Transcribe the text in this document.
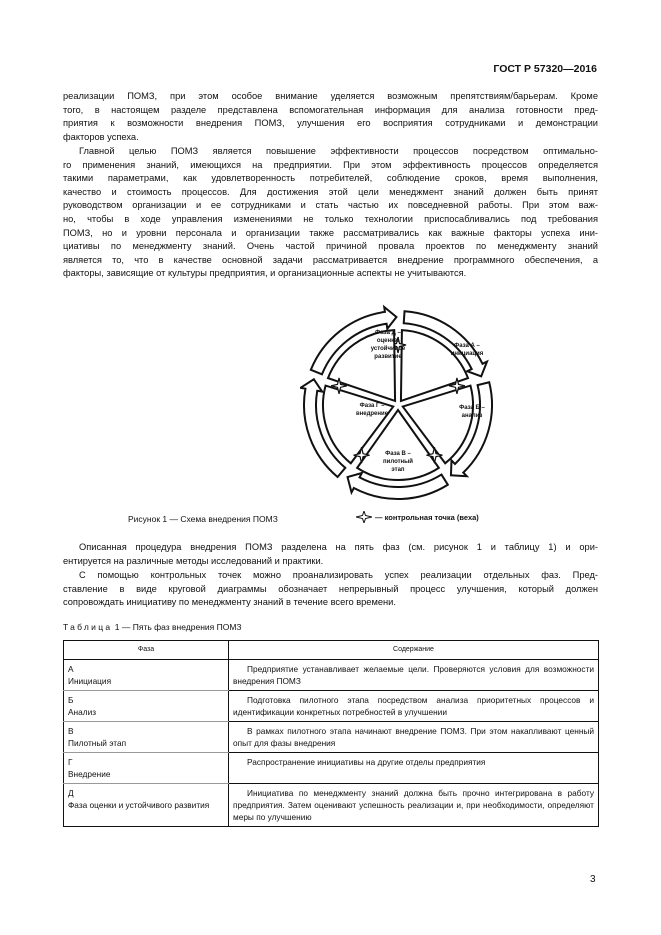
ГОСТ Р 57320—2016
реализации ПОМЗ, при этом особое внимание уделяется возможным препятствиям/барьерам. Кроме
того, в настоящем разделе представлена вспомогательная информация для анализа готовности пред-
приятия к возможности внедрения ПОМЗ, улучшения его восприятия сотрудниками и демонстрации
факторов успеха.
Главной целью ПОМЗ является повышение эффективности процессов посредством оптимально-
го применения знаний, имеющихся на предприятии. При этом эффективность процессов определяется
такими параметрами, как удовлетворенность потребителей, соблюдение сроков, время выполнения,
качество и стоимость процессов. Для достижения этой цели менеджмент знаний должен быть принят
руководством организации и ее сотрудниками и стать частью их повседневной работы. При этом важ-
но, чтобы в ходе управления изменениями не только технологии приспосабливались под требования
ПОМЗ, но и уровни персонала и организации также рассматривались как важные факторы успеха ини-
циативы по менеджменту знаний. Очень частой причиной провала проектов по менеджменту знаний
является то, что в качестве основной задачи рассматривается внедрение программного обеспечения, а
факторы, зависящие от культуры предприятия, и организационные аспекты не учитываются.
Описанная процедура внедрения ПОМЗ разделена на пять фаз (см. рисунок 1 и таблицу 1) и ори-
ентируется на различные методы исследований и практики.
С помощью контрольных точек можно проанализировать успех реализации отдельных фаз. Пред-
ставление в виде круговой диаграммы обозначает непрерывный процесс улучшения, который должен
сопровождать инициативу по менеджменту знаний в течение всего времени.
Фаза Д –
оценка/
устойчивое
развитие
Фаза А –
инициация
Фаза Б –
анализ
Фаза В –
пилотный
этап
Фаза Г –
внедрение
Рисунок 1 — Схема внедрения ПОМЗ	— контрольная точка (веха)
Таблица 1 — Пять фаз внедрения ПОМЗ
Фаза	Содержание

А
Инициация	Предприятие устанавливает желаемые цели. Проверяются условия для возможности внедрения ПОМЗ

Б
Анализ	Подготовка пилотного этапа посредством анализа приоритетных процессов и идентификации конкретных потребностей в улучшении

В
Пилотный этап	В рамках пилотного этапа начинают внедрение ПОМЗ. При этом накапливают ценный опыт для фазы внедрения

Г
Внедрение	Распространение инициативы на другие отделы предприятия

Д
Фаза оценки и устойчивого развития	Инициатива по менеджменту знаний должна быть прочно интегрирована в работу предприятия. Затем оценивают успешность реализации и, при необходимости, определяют меры по улучшению
3
